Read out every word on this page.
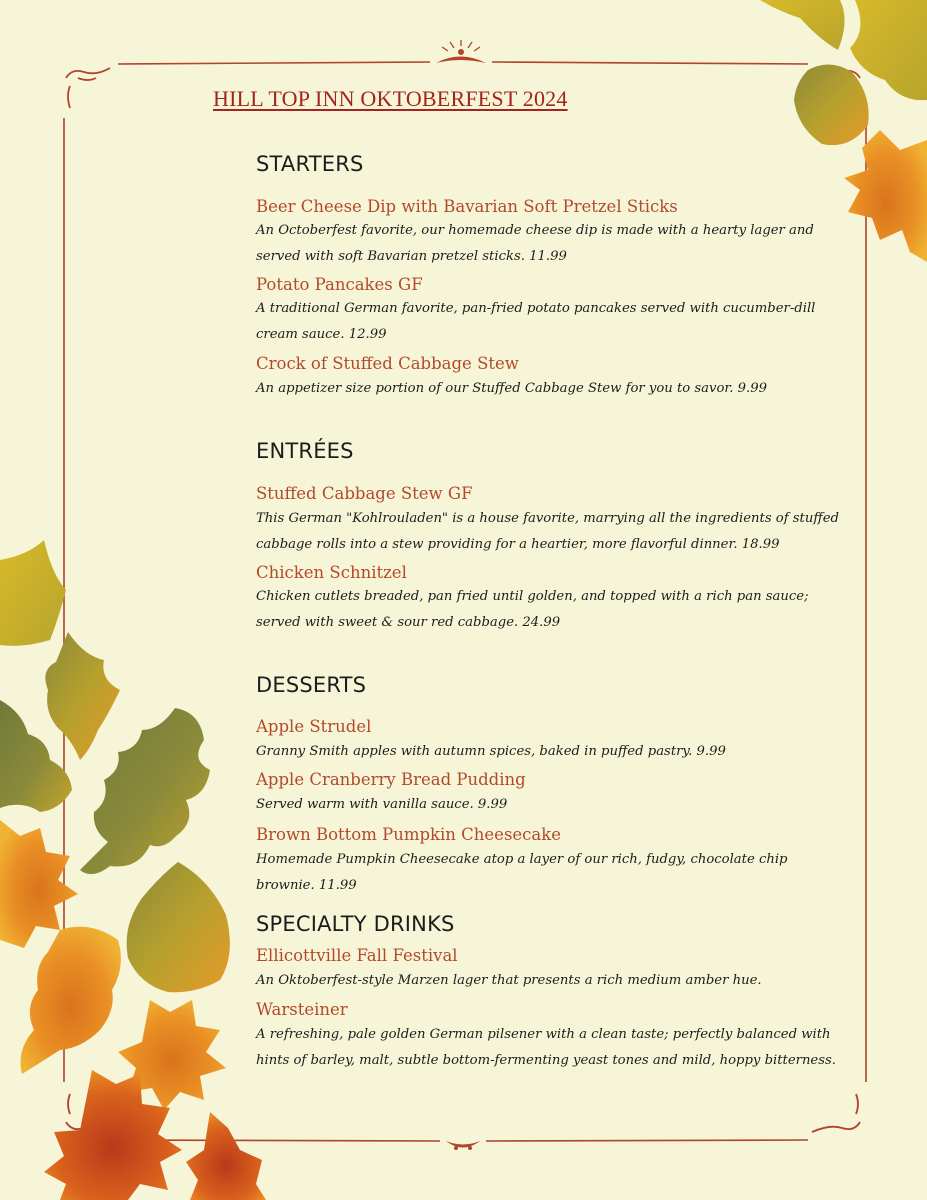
HILL TOP INN OKTOBERFEST 2024
STARTERS

Beer Cheese Dip with Bavarian Soft Pretzel Sticks

An Octoberfest favorite, our homemade cheese dip is made with a hearty lager and served with soft Bavarian pretzel sticks. 11.99

Potato Pancakes GF

A traditional German favorite, pan-fried potato pancakes served with cucumber-dill cream sauce. 12.99

Crock of Stuffed Cabbage Stew

An appetizer size portion of our Stuffed Cabbage Stew for you to savor. 9.99

ENTRÉES

Stuffed Cabbage Stew GF

This German "Kohlrouladen" is a house favorite, marrying all the ingredients of stuffed cabbage rolls into a stew providing for a heartier, more flavorful dinner. 18.99

Chicken Schnitzel

Chicken cutlets breaded, pan fried until golden, and topped with a rich pan sauce; served with sweet & sour red cabbage. 24.99

DESSERTS

Apple Strudel

Granny Smith apples with autumn spices, baked in puffed pastry. 9.99

Apple Cranberry Bread Pudding

Served warm with vanilla sauce. 9.99

Brown Bottom Pumpkin Cheesecake

Homemade Pumpkin Cheesecake atop a layer of our rich, fudgy, chocolate chip brownie. 11.99

SPECIALTY DRINKS

Ellicottville Fall Festival

An Oktoberfest-style Marzen lager that presents a rich medium amber hue.

Warsteiner

A refreshing, pale golden German pilsener with a clean taste; perfectly balanced with hints of barley, malt, subtle bottom-fermenting yeast tones and mild, hoppy bitterness.
